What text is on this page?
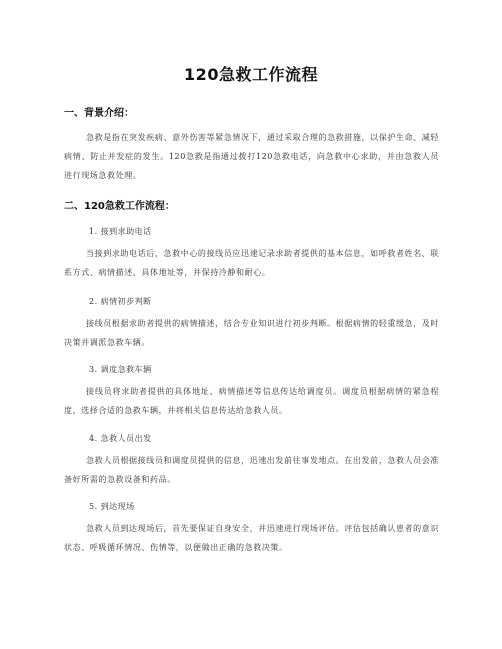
120急救工作流程
一、背景介绍：

急救是指在突发疾病、意外伤害等紧急情况下，通过采取合理的急救措施，以保护生命、减轻病情、防止并发症的发生。120急救是指通过拨打120急救电话，向急救中心求助，并由急救人员进行现场急救处理。

二、120急救工作流程：
1. 接到求助电话

当接到求助电话后，急救中心的接线员应迅速记录求助者提供的基本信息，如呼救者姓名、联系方式、病情描述、具体地址等，并保持冷静和耐心。

2. 病情初步判断

接线员根据求助者提供的病情描述，结合专业知识进行初步判断。根据病情的轻重缓急，及时决策并调派急救车辆。

3. 调度急救车辆

接线员将求助者提供的具体地址、病情描述等信息传达给调度员。调度员根据病情的紧急程度，选择合适的急救车辆，并将相关信息传达给急救人员。

4. 急救人员出发

急救人员根据接线员和调度员提供的信息，迅速出发前往事发地点。在出发前，急救人员会准备好所需的急救设备和药品。

5. 到达现场

急救人员到达现场后，首先要保证自身安全，并迅速进行现场评估。评估包括确认患者的意识状态、呼吸循环情况、伤情等，以便做出正确的急救决策。
